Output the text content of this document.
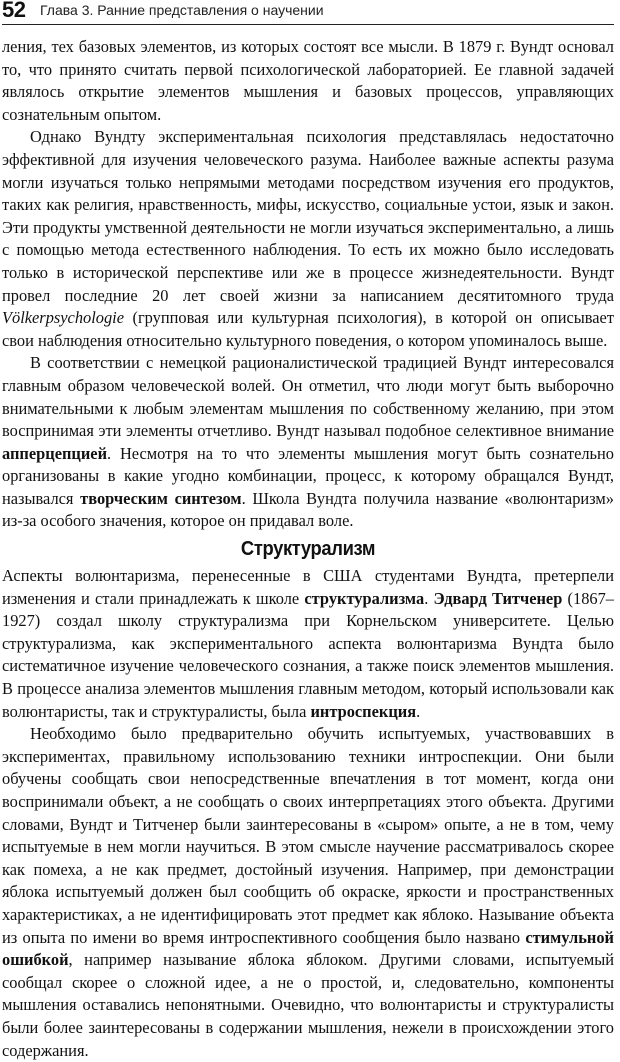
52 Глава 3. Ранние представления о научении

ления, тех базовых элементов, из которых состоят все мысли. В 1879 г. Вундт основал то, что принято считать первой психологической лабораторией. Ее главной задачей являлось открытие элементов мышления и базовых процессов, управляющих сознательным опытом.

Однако Вундту экспериментальная психология представлялась недостаточно эффективной для изучения человеческого разума. Наиболее важные аспекты разума могли изучаться только непрямыми методами посредством изучения его продуктов, таких как религия, нравственность, мифы, искусство, социальные устои, язык и закон. Эти продукты умственной деятельности не могли изучаться экспериментально, а лишь с помощью метода естественного наблюдения. То есть их можно было исследовать только в исторической перспективе или же в процессе жизнедеятельности. Вундт провел последние 20 лет своей жизни за написанием десятитомного труда Völkerpsychologie (групповая или культурная психология), в которой он описывает свои наблюдения относительно культурного поведения, о котором упоминалось выше.

В соответствии с немецкой рационалистической традицией Вундт интересовался главным образом человеческой волей. Он отметил, что люди могут быть выборочно внимательными к любым элементам мышления по собственному желанию, при этом воспринимая эти элементы отчетливо. Вундт называл подобное селективное внимание апперцепцией. Несмотря на то что элементы мышления могут быть сознательно организованы в какие угодно комбинации, процесс, к которому обращался Вундт, назывался творческим синтезом. Школа Вундта получила название «волюнтаризм» из-за особого значения, которое он придавал воле.

Структурализм

Аспекты волюнтаризма, перенесенные в США студентами Вундта, претерпели изменения и стали принадлежать к школе структурализма. Эдвард Титченер (1867–1927) создал школу структурализма при Корнельском университете. Целью структурализма, как экспериментального аспекта волюнтаризма Вундта было систематичное изучение человеческого сознания, а также поиск элементов мышления. В процессе анализа элементов мышления главным методом, который использовали как волюнтаристы, так и структуралисты, была интроспекция.

Необходимо было предварительно обучить испытуемых, участвовавших в экспериментах, правильному использованию техники интроспекции. Они были обучены сообщать свои непосредственные впечатления в тот момент, когда они воспринимали объект, а не сообщать о своих интерпретациях этого объекта. Другими словами, Вундт и Титченер были заинтересованы в «сыром» опыте, а не в том, чему испытуемые в нем могли научиться. В этом смысле научение рассматривалось скорее как помеха, а не как предмет, достойный изучения. Например, при демонстрации яблока испытуемый должен был сообщить об окраске, яркости и пространственных характеристиках, а не идентифицировать этот предмет как яблоко. Называние объекта из опыта по имени во время интроспективного сообщения было названо стимульной ошибкой, например называние яблока яблоком. Другими словами, испытуемый сообщал скорее о сложной идее, а не о простой, и, следовательно, компоненты мышления оставались непонятными. Очевидно, что волюнтаристы и структуралисты были более заинтересованы в содержании мышления, нежели в происхождении этого содержания.
